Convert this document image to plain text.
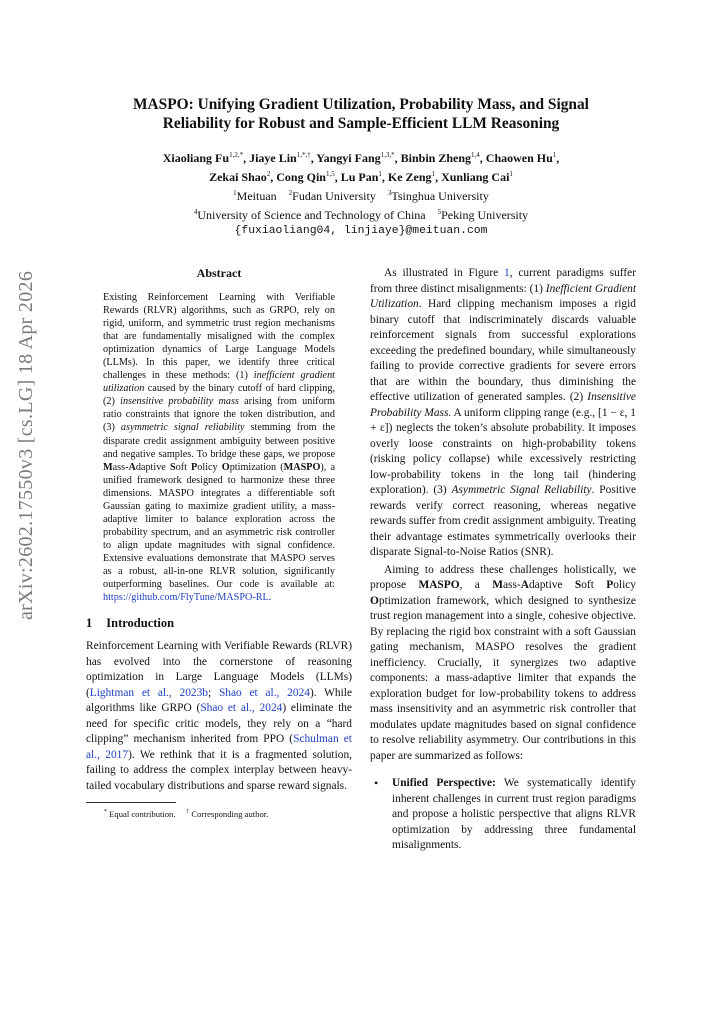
arXiv:2602.17550v3 [cs.LG] 18 Apr 2026
MASPO: Unifying Gradient Utilization, Probability Mass, and Signal
Reliability for Robust and Sample-Efficient LLM Reasoning
Xiaoliang $Fu^{1,2,*}$, Jiaye Lin$^{1,*,\dagger}$, Yangyi Fang$^{1,3,*}$, Binbin Zheng$^{1,4}$, Chaowen Hu$^1$,
Zekai Shao$^2$, Cong Qin$^{1,5}$, Lu Pan$^1$, Ke Zeng$^1$, Xunliang Cai$^1$
$^1$Meituan $^2$Fudan University $^3$Tsinghua University
$^4$University of Science and Technology of China $^5$Peking University
{fuxiaoliang04, linjiaye}@meituan.com
Abstract

Existing Reinforcement Learning with Verifiable Rewards (RLVR) algorithms, such as GRPO, rely on rigid, uniform, and symmetric trust region mechanisms that are fundamentally misaligned with the complex optimization dynamics of Large Language Models (LLMs). In this paper, we identify three critical challenges in these methods: (1) inefficient gradient utilization caused by the binary cutoff of hard clipping, (2) insensitive probability mass arising from uniform ratio constraints that ignore the token distribution, and (3) asymmetric signal reliability stemming from the disparate credit assignment ambiguity between positive and negative samples. To bridge these gaps, we propose Mass-Adaptive Soft Policy Optimization (MASPO), a unified framework designed to harmonize these three dimensions. MASPO integrates a differentiable soft Gaussian gating to maximize gradient utility, a mass-adaptive limiter to balance exploration across the probability spectrum, and an asymmetric risk controller to align update magnitudes with signal confidence. Extensive evaluations demonstrate that MASPO serves as a robust, all-in-one RLVR solution, significantly outperforming baselines. Our code is available at: https://github.com/FlyTune/MASPO-RL.

1 Introduction

Reinforcement Learning with Verifiable Rewards (RLVR) has evolved into the cornerstone of reasoning optimization in Large Language Models (LLMs) (Lightman et al., 2023b; Shao et al., 2024). While algorithms like GRPO (Shao et al., 2024) eliminate the need for specific critic models, they rely on a “hard clipping” mechanism inherited from PPO (Schulman et al., 2017). We rethink that it is a fragmented solution, failing to address the complex interplay between heavy-tailed vocabulary distributions and sparse reward signals.

* Equal contribution. † Corresponding author.

As illustrated in Figure 1, current paradigms suffer from three distinct misalignments: (1) Inefficient Gradient Utilization. Hard clipping mechanism imposes a rigid binary cutoff that indiscriminately discards valuable reinforcement signals from successful explorations exceeding the predefined boundary, while simultaneously failing to provide corrective gradients for severe errors that are within the boundary, thus diminishing the effective utilization of generated samples. (2) Insensitive Probability Mass. A uniform clipping range (e.g., [1 − ε, 1 + ε]) neglects the token’s absolute probability. It imposes overly loose constraints on high-probability tokens (risking policy collapse) while excessively restricting low-probability tokens in the long tail (hindering exploration). (3) Asymmetric Signal Reliability. Positive rewards verify correct reasoning, whereas negative rewards suffer from credit assignment ambiguity. Treating their advantage estimates symmetrically overlooks their disparate Signal-to-Noise Ratios (SNR).

Aiming to address these challenges holistically, we propose MASPO, a Mass-Adaptive Soft Policy Optimization framework, which designed to synthesize trust region management into a single, cohesive objective. By replacing the rigid box constraint with a soft Gaussian gating mechanism, MASPO resolves the gradient inefficiency. Crucially, it synergizes two adaptive components: a mass-adaptive limiter that expands the exploration budget for low-probability tokens to address mass insensitivity and an asymmetric risk controller that modulates update magnitudes based on signal confidence to resolve reliability asymmetry. Our contributions in this paper are summarized as follows:

•	Unified Perspective: We systematically identify inherent challenges in current trust region paradigms and propose a holistic perspective that aligns RLVR optimization by addressing three fundamental misalignments.
